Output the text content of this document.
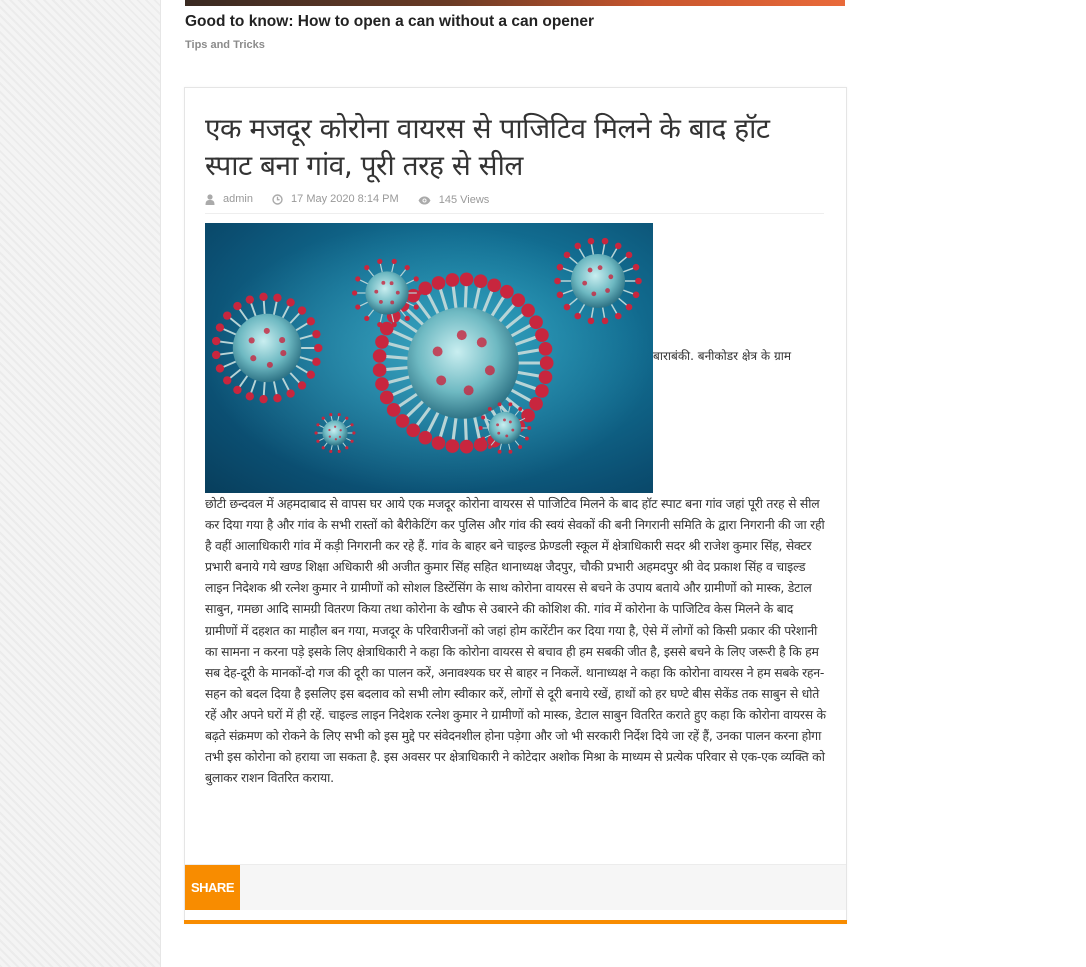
Good to know: How to open a can without a can opener
Tips and Tricks
एक मजदूर कोरोना वायरस से पाजिटिव मिलने के बाद हॉट स्पाट बना गांव, पूरी तरह से सील
admin
	17 May 2020 8:14 PM
	145 Views
बाराबंकी. बनीकोडर क्षेत्र के ग्राम

छोटी छन्दवल में अहमदाबाद से वापस घर आये एक मजदूर कोरोना वायरस से पाजिटिव मिलने के बाद हॉट स्पाट बना गांव जहां पूरी तरह से सील कर दिया गया है और गांव के सभी रास्तों को बैरीकेटिंग कर पुलिस और गांव की स्वयं सेवकों की बनी निगरानी समिति के द्वारा निगरानी की जा रही है वहीं आलाधिकारी गांव में कड़ी निगरानी कर रहे हैं. गांव के बाहर बने चाइल्ड फ्रेण्डली स्कूल में क्षेत्राधिकारी सदर श्री राजेश कुमार सिंह, सेक्टर प्रभारी बनाये गये खण्ड शिक्षा अधिकारी श्री अजीत कुमार सिंह सहित थानाध्यक्ष जैदपुर, चौकी प्रभारी अहमदपुर श्री वेद प्रकाश सिंह व चाइल्ड लाइन निदेशक श्री रत्नेश कुमार ने ग्रामीणों को सोशल डिस्टेंसिंग के साथ कोरोना वायरस से बचने के उपाय बताये और ग्रामीणों को मास्क, डेटाल साबुन, गमछा आदि सामग्री वितरण किया तथा कोरोना के खौफ से उबारने की कोशिश की. गांव में कोरोना के पाजिटिव केस मिलने के बाद ग्रामीणों में दहशत का माहौल बन गया, मजदूर के परिवारीजनों को जहां होम कारेंटीन कर दिया गया है, ऐसे में लोगों को किसी प्रकार की परेशानी का सामना न करना पड़े इसके लिए क्षेत्राधिकारी ने कहा कि कोरोना वायरस से बचाव ही हम सबकी जीत है, इससे बचने के लिए जरूरी है कि हम सब देह-दूरी के मानकों-दो गज की दूरी का पालन करें, अनावश्यक घर से बाहर न निकलें. थानाध्यक्ष ने कहा कि कोरोना वायरस ने हम सबके रहन-सहन को बदल दिया है इसलिए इस बदलाव को सभी लोग स्वीकार करें, लोगों से दूरी बनाये रखें, हाथों को हर घण्टे बीस सेकेंड तक साबुन से धोते रहें और अपने घरों में ही रहें. चाइल्ड लाइन निदेशक रत्नेश कुमार ने ग्रामीणों को मास्क, डेटाल साबुन वितरित कराते हुए कहा कि कोरोना वायरस के बढ़ते संक्रमण को रोकने के लिए सभी को इस मुद्दे पर संवेदनशील होना पड़ेगा और जो भी सरकारी निर्देश दिये जा रहें हैं, उनका पालन करना होगा तभी इस कोरोना को हराया जा सकता है. इस अवसर पर क्षेत्राधिकारी ने कोटेदार अशोक मिश्रा के माध्यम से प्रत्येक परिवार से एक-एक व्यक्ति को बुलाकर राशन वितरित कराया.

SHARE
